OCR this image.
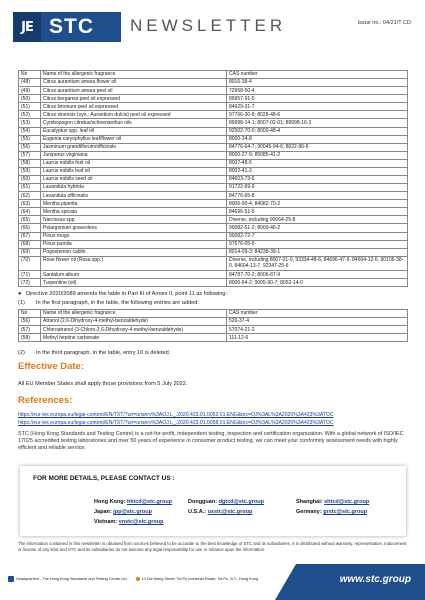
JE STC NEWSLETTER	Issue no.: 04/21/T CD
No	Name of the allergenic fragrance	CAS number
(48)	Citrus aurantium amara flower oil	8016-38-4
(49)	Citrus aurantium amara peel oil	72968-50-4
(50)	Citrus bergamia peel oil expressed	89957-91-5
(51)	Citrus limonum peel oil expressed	84929-31-7
(52)	Citrus sinensis (syn.: Aurantium dulcis) peel oil expressed	97766-30-8; 8028-48-6
(53)	Cymbopogon citratus/schoenanthus oils	89998-14-1; 8007-02-01; 89998-16-3
(54)	Eucalyptus spp. leaf oil	92502-70-0; 8000-48-4
(55)	Eugenia caryophyllus leaf/flower oil	8000-34-8
(56)	Jasminum grandiflorum/officinale	84776-64-7; 90045-94-6; 8022-96-6
(57)	Juniperus virginiana	8000-27-9; 85085-41-2
(58)	Laurus nobilis fruit oil	8007-48-5
(59)	Laurus nobilis leaf oil	8002-41-3
(60)	Laurus nobilis seed oil	84603-73-6
(61)	Lavandula hybrida	91722-69-9
(62)	Lavandula officinalis	84776-65-8
(63)	Mentha piperita	8006-90-4; 84082-70-2
(64)	Mentha spicata	84696-51-5
(65)	Narcissus spp.	Diverse, including 90064-25-8
(66)	Pelargonium graveolens	90082-51-2; 8000-46-2
(67)	Pinus mugo	90082-72-7
(68)	Pinus pumila	97676-05-6
(69)	Pogostemon cablin	8014-09-3; 84238-39-1
(70)	Rose flower oil (Rosa spp.)	Diverse, including 8007-01-0, 93334-48-6, 84696-47-9, 84604-12-6, 90106-38-0, 84604-13-7, 92347-25-6
(71)	Santalum album	84787-70-2; 8006-87-9
(72)	Turpentine (oil)	8006-64-2; 9005-90-7; 8052-14-0
● Directive 2020/2089 amends the table in Part III of Annex II, point 11 as following:
(1) In the first paragraph, in the table, the following entries are added:
No	Name of the allergenic fragrance	CAS number
(56)	Atranol (2,6-Dihydroxy-4-methyl-benzaldehyde)	526-37-4
(57)	Chloroatranol (3-Chloro-2,6-Dihydroxy-4-methyl-benzaldehyde)	57074-21-2
(58)	Methyl heptine carbonate	111-12-6
(2) In the third paragraph, in the table, entry 10 is deleted.
Effective Date:
All EU Member States shall apply those provisions from 5 July 2022.
References:
https://eur-lex.europa.eu/legal-content/EN/TXT/?uri=uriserv%3AOJ.L_.2020.423.01.0052.01.ENG&toc=OJ%3AL%3A2020%3A423%3ATOC
https://eur-lex.europa.eu/legal-content/EN/TXT/?uri=uriserv%3AOJ.L_.2020.423.01.0058.01.ENG&toc=OJ%3AL%3A2020%3A423%3ATOC
STC (Hong Kong Standards and Testing Centre) is a not-for-profit, independent testing, inspection and certification organization. With a global network of ISO/IEC 17025 accredited testing laboratories and over 50 years of experience in consumer product testing, we can meet your conformity assessment needs with highly efficient and reliable service.
FOR MORE DETAILS, PLEASE CONTACT US :
Hong Kong: hktcd@stc.group	Dongguan: dgtcd@stc.group	Shanghai: shtcd@stc.group
Japan: jpp@stc.group	U.S.A.: usstc@stc.group	Germany: grstc@stc.group
Vietnam: vnstc@stc.group
The information contained in this newsletter is obtained from sources believed to be accurate to the best knowledge of STC and its subsidiaries. It is distributed without warranty, representation, inducement or license of any kind and STC and its subsidiaries do not assume any legal responsibility for use or reliance upon the information.
Headquarters - The Hong Kong Standards and Testing Centre Ltd.	10 Dai Wang Street, Tai Po Industrial Estate, Tai Po, N.T., Hong Kong	www.stc.group
